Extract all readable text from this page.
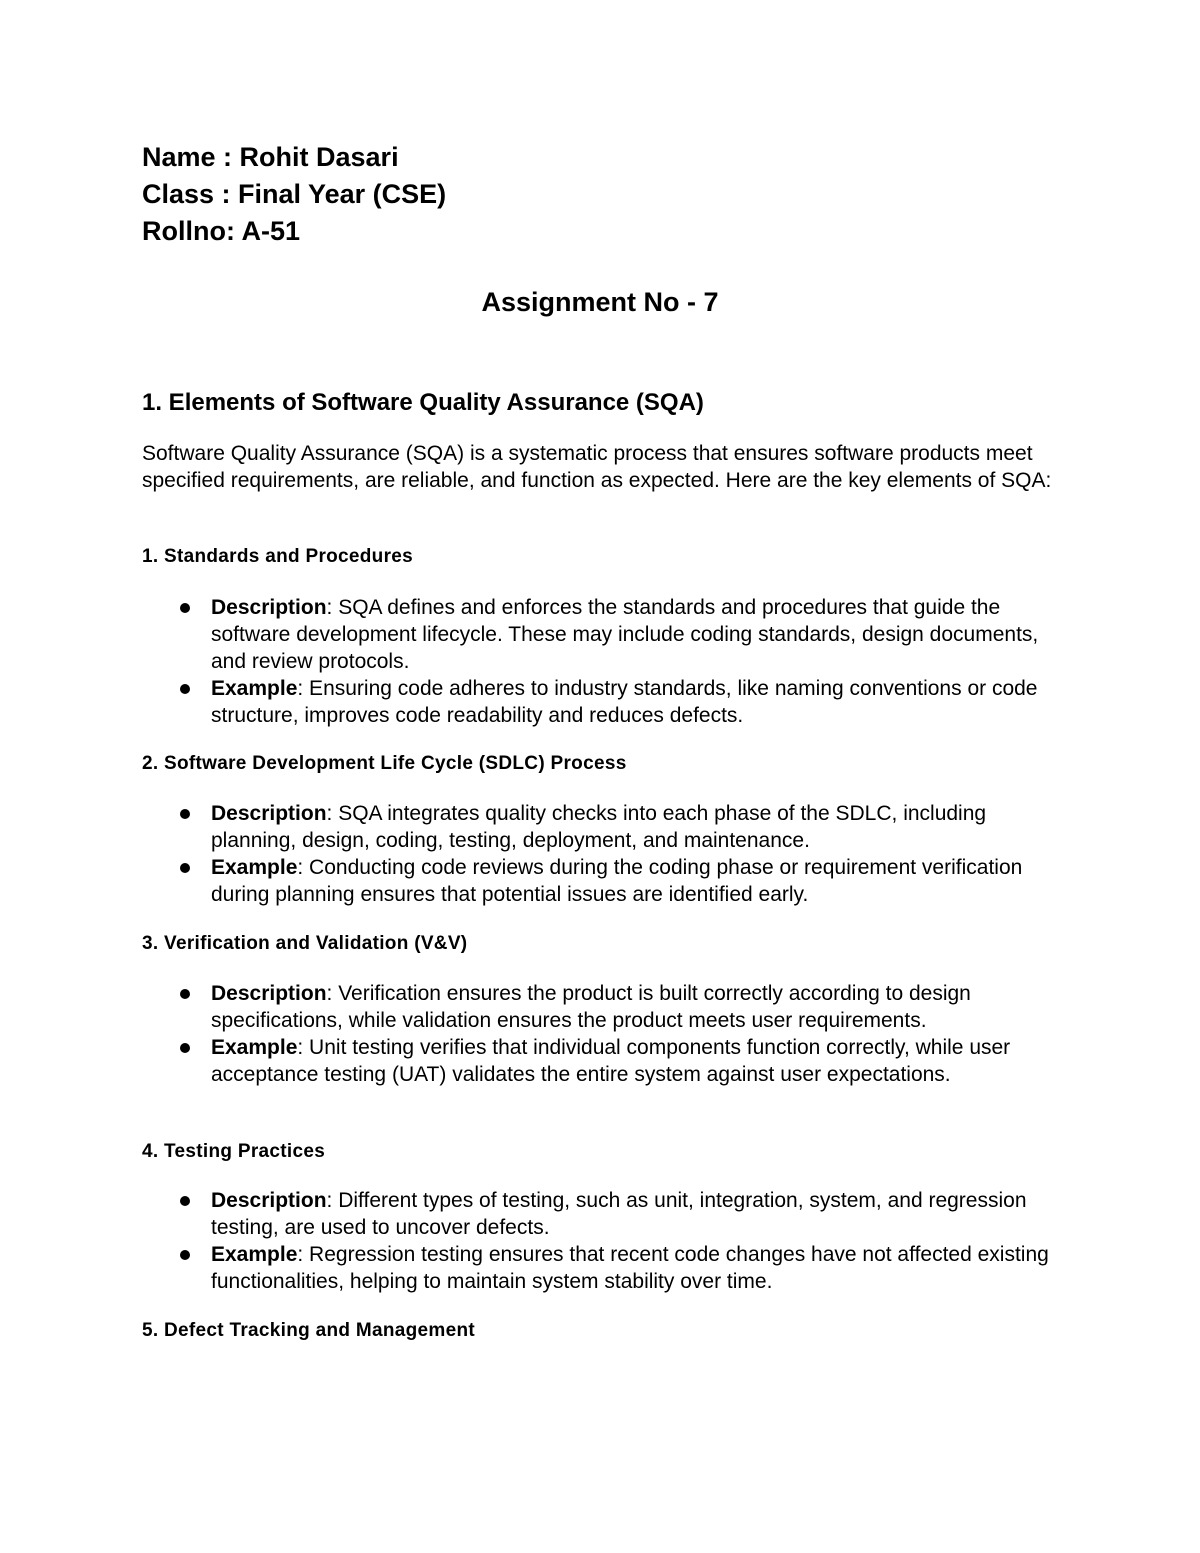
Name : Rohit Dasari
Class : Final Year (CSE)
Rollno: A-51
Assignment No - 7
1. Elements of Software Quality Assurance (SQA)
Software Quality Assurance (SQA) is a systematic process that ensures software products meet specified requirements, are reliable, and function as expected. Here are the key elements of SQA:
1. Standards and Procedures
Description: SQA defines and enforces the standards and procedures that guide the software development lifecycle. These may include coding standards, design documents, and review protocols.
Example: Ensuring code adheres to industry standards, like naming conventions or code structure, improves code readability and reduces defects.
2. Software Development Life Cycle (SDLC) Process
Description: SQA integrates quality checks into each phase of the SDLC, including planning, design, coding, testing, deployment, and maintenance.
Example: Conducting code reviews during the coding phase or requirement verification during planning ensures that potential issues are identified early.
3. Verification and Validation (V&V)
Description: Verification ensures the product is built correctly according to design specifications, while validation ensures the product meets user requirements.
Example: Unit testing verifies that individual components function correctly, while user acceptance testing (UAT) validates the entire system against user expectations.
4. Testing Practices
Description: Different types of testing, such as unit, integration, system, and regression testing, are used to uncover defects.
Example: Regression testing ensures that recent code changes have not affected existing functionalities, helping to maintain system stability over time.
5. Defect Tracking and Management
